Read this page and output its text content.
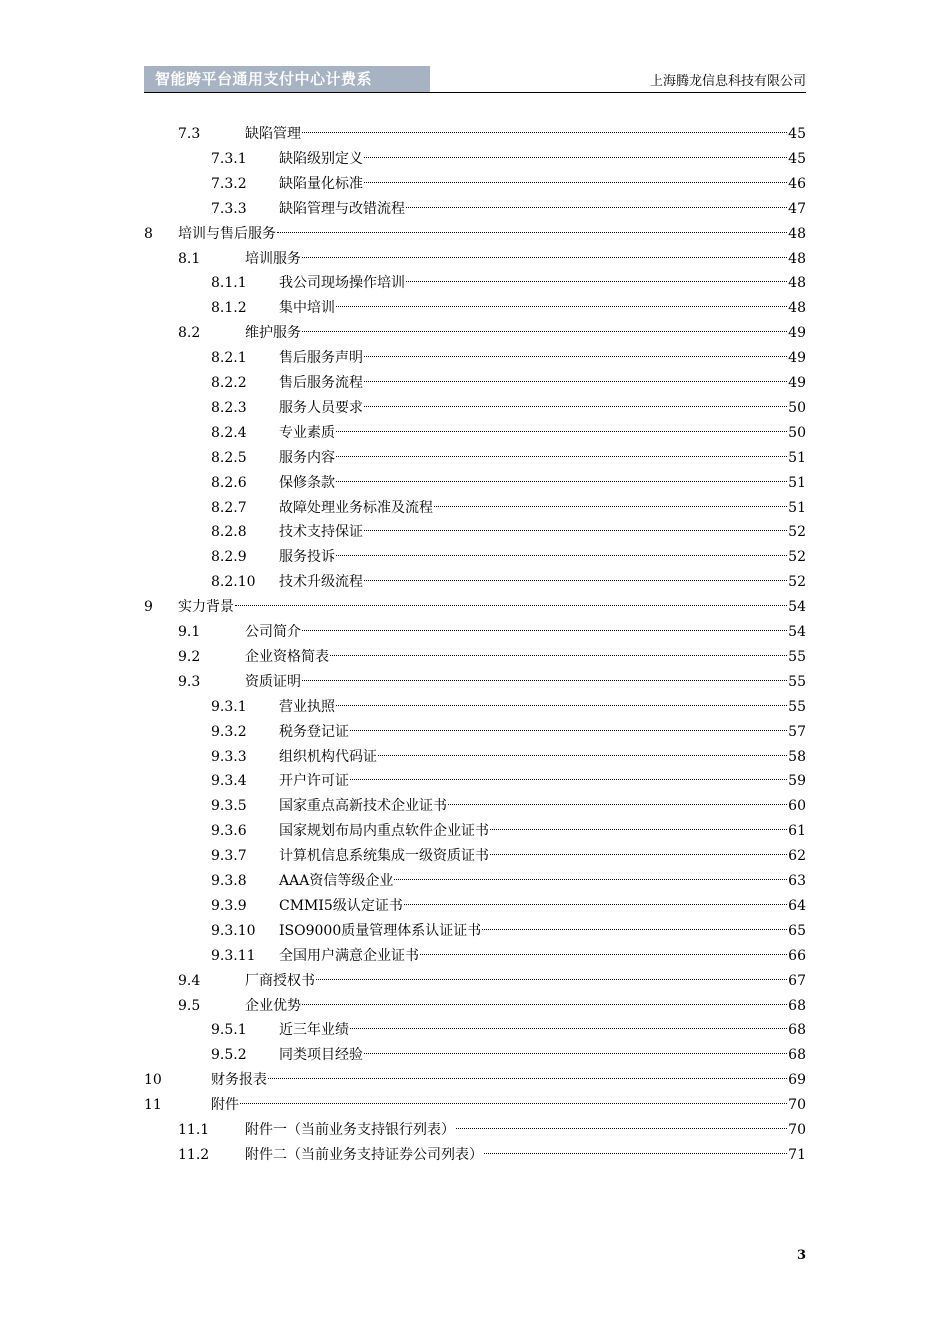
智能跨平台通用支付中心计费系	上海腾龙信息科技有限公司
7.3	缺陷管理	45
7.3.1 缺陷级别定义	45
7.3.2 缺陷量化标准	46
7.3.3 缺陷管理与改错流程	47
8 培训与售后服务	48
8.1	培训服务	48
8.1.1 我公司现场操作培训	48
8.1.2 集中培训	48
8.2	维护服务	49
8.2.1 售后服务声明	49
8.2.2 售后服务流程	49
8.2.3 服务人员要求	50
8.2.4 专业素质	50
8.2.5 服务内容	51
8.2.6 保修条款	51
8.2.7 故障处理业务标准及流程	51
8.2.8 技术支持保证	52
8.2.9 服务投诉	52
8.2.10 技术升级流程	52
9 实力背景	54
9.1	公司简介	54
9.2	企业资格简表	55
9.3	资质证明	55
9.3.1 营业执照	55
9.3.2 税务登记证	57
9.3.3 组织机构代码证	58
9.3.4 开户许可证	59
9.3.5 国家重点高新技术企业证书	60
9.3.6 国家规划布局内重点软件企业证书	61
9.3.7 计算机信息系统集成一级资质证书	62
9.3.8 AAA资信等级企业	63
9.3.9 CMMI5级认定证书	64
9.3.10 ISO9000质量管理体系认证证书	65
9.3.11 全国用户满意企业证书	66
9.4	厂商授权书	67
9.5	企业优势	68
9.5.1 近三年业绩	68
9.5.2 同类项目经验	68
10	财务报表	69
11	附件	70
11.1	附件一（当前业务支持银行列表）	70
11.2	附件二（当前业务支持证券公司列表）	71
3
